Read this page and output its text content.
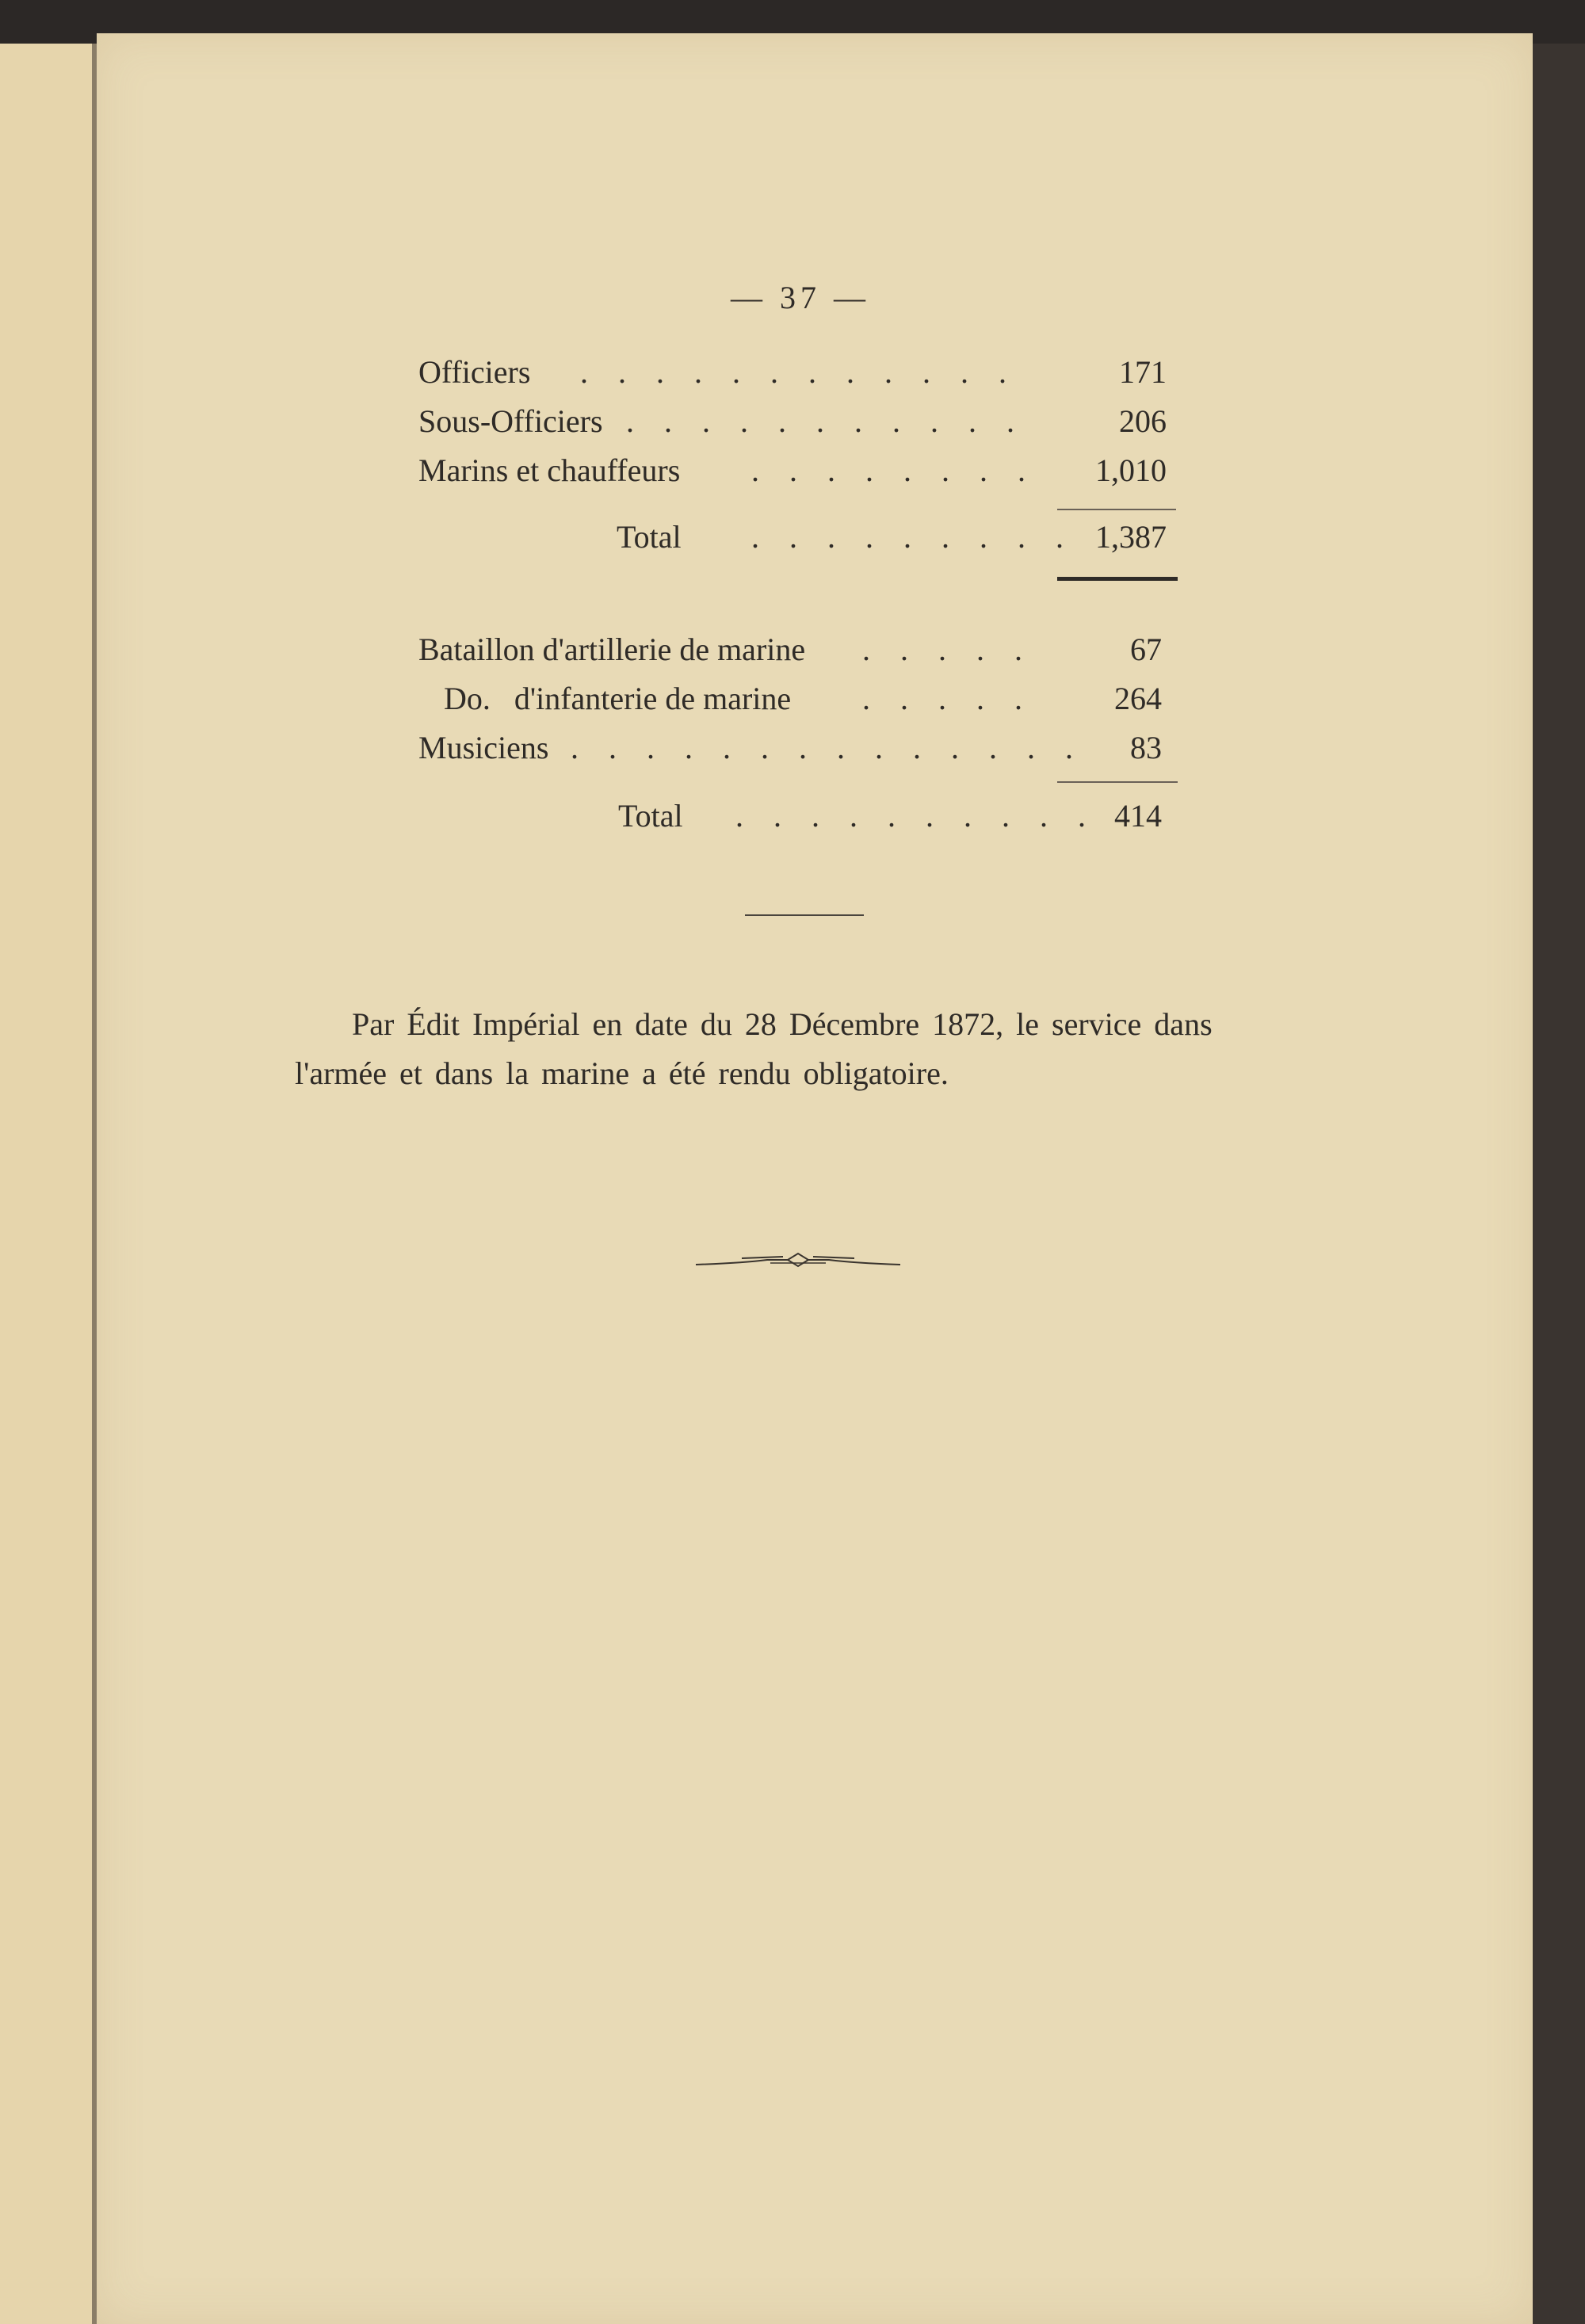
— 37 —
Officiers . . . . . . . . . . . .	171
Sous-Officiers . . . . . . . . . . .	206
Marins et chauffeurs . . . . . . . . 1,010
Total . . . . . . . . . 1,387
Bataillon d'artillerie de marine . . . . .	67
Do.   d'infanterie de marine . . . . .	264
Musiciens . . . . . . . . . . . . . . 83
Total . . . . . . . . . . 414
Par Édit Impérial en date du 28 Décembre 1872, le service dans
l'armée et dans la marine a été rendu obligatoire.
